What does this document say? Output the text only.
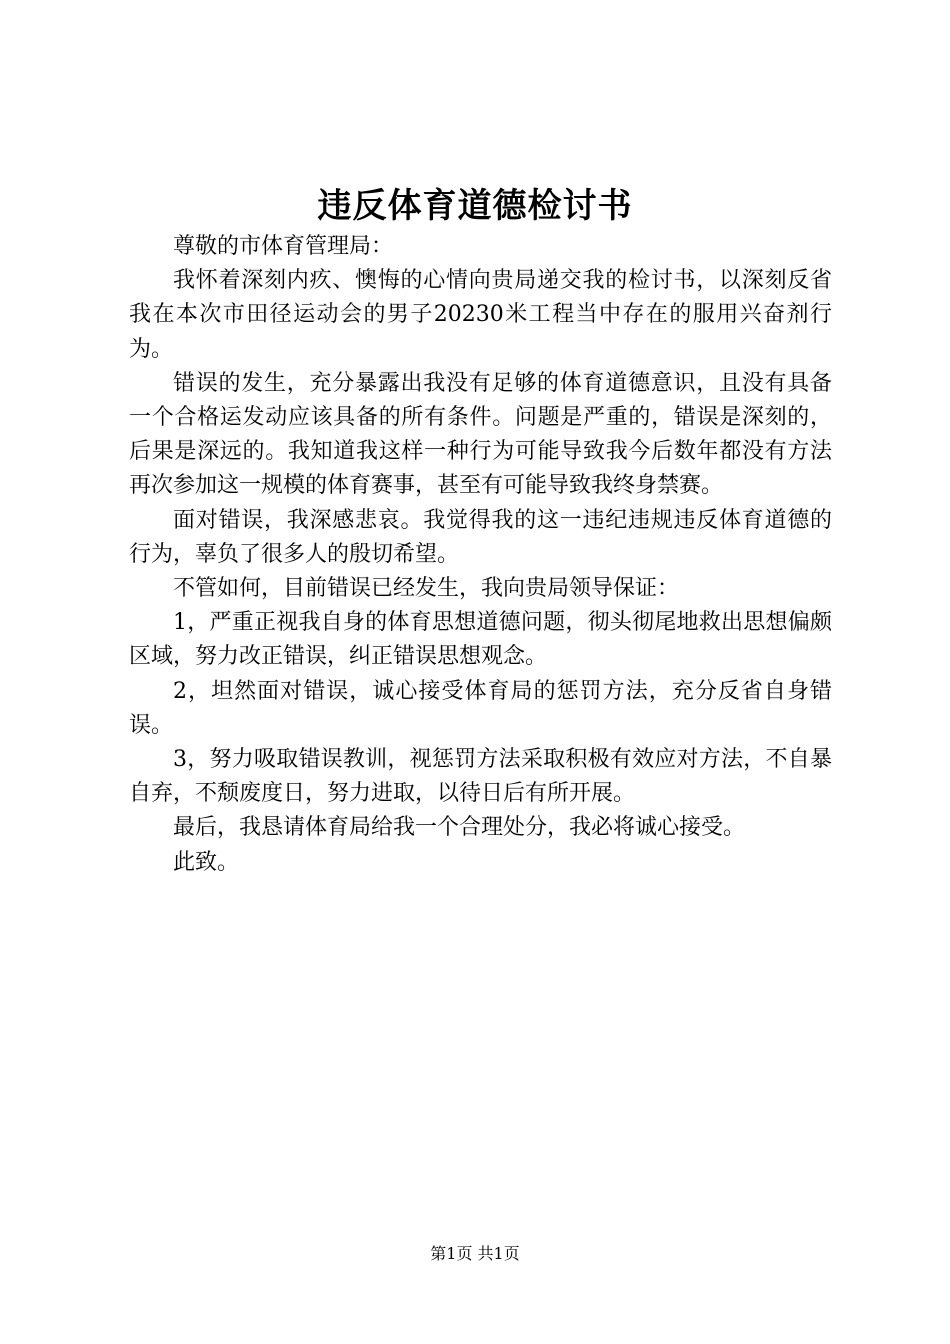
违反体育道德检讨书

尊敬的市体育管理局：

我怀着深刻内疚、懊悔的心情向贵局递交我的检讨书，以深刻反省我在本次市田径运动会的男子20230米工程当中存在的服用兴奋剂行为。

错误的发生，充分暴露出我没有足够的体育道德意识，且没有具备一个合格运发动应该具备的所有条件。问题是严重的，错误是深刻的，后果是深远的。我知道我这样一种行为可能导致我今后数年都没有方法再次参加这一规模的体育赛事，甚至有可能导致我终身禁赛。

面对错误，我深感悲哀。我觉得我的这一违纪违规违反体育道德的行为，辜负了很多人的殷切希望。

不管如何，目前错误已经发生，我向贵局领导保证：

1，严重正视我自身的体育思想道德问题，彻头彻尾地救出思想偏颇区域，努力改正错误，纠正错误思想观念。

2，坦然面对错误，诚心接受体育局的惩罚方法，充分反省自身错误。

3，努力吸取错误教训，视惩罚方法采取积极有效应对方法，不自暴自弃，不颓废度日，努力进取，以待日后有所开展。

最后，我恳请体育局给我一个合理处分，我必将诚心接受。

此致。

第1页 共1页
